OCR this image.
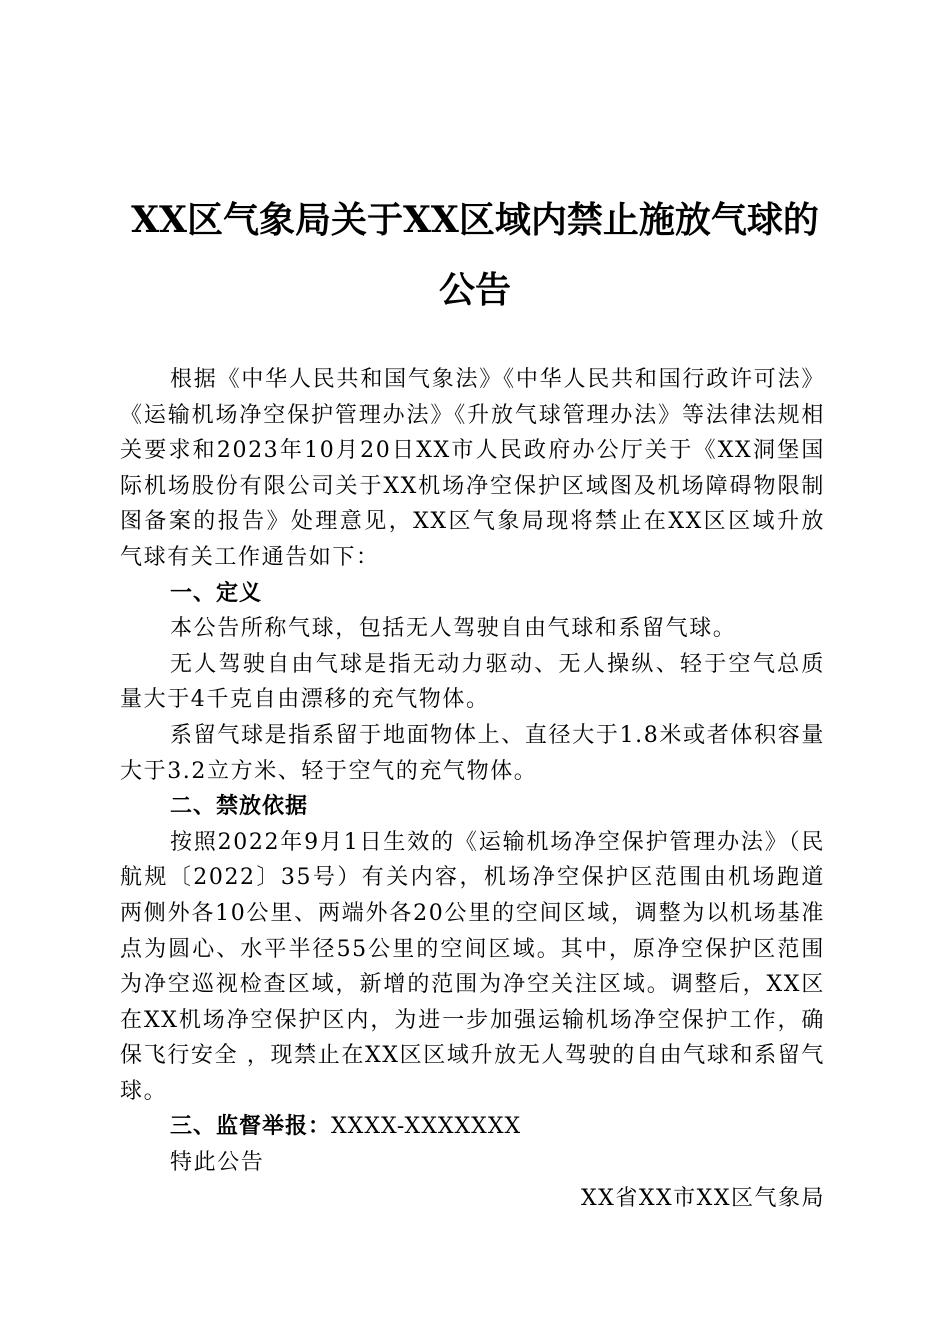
XX区气象局关于XX区域内禁止施放气球的
公告

根据《中华人民共和国气象法》《中华人民共和国行政许可法》《运输机场净空保护管理办法》《升放气球管理办法》等法律法规相关要求和2023年10月20日XX市人民政府办公厅关于《XX洞堡国际机场股份有限公司关于XX机场净空保护区域图及机场障碍物限制图备案的报告》处理意见，XX区气象局现将禁止在XX区区域升放气球有关工作通告如下：

一、定义

本公告所称气球，包括无人驾驶自由气球和系留气球。

无人驾驶自由气球是指无动力驱动、无人操纵、轻于空气总质量大于4千克自由漂移的充气物体。

系留气球是指系留于地面物体上、直径大于1.8米或者体积容量大于3.2立方米、轻于空气的充气物体。

二、禁放依据

按照2022年9月1日生效的《运输机场净空保护管理办法》（民航规〔2022〕35号）有关内容，机场净空保护区范围由机场跑道两侧外各10公里、两端外各20公里的空间区域，调整为以机场基准点为圆心、水平半径55公里的空间区域。其中，原净空保护区范围为净空巡视检查区域，新增的范围为净空关注区域。调整后，XX区在XX机场净空保护区内，为进一步加强运输机场净空保护工作，确保飞行安全 ，现禁止在XX区区域升放无人驾驶的自由气球和系留气球。

三、监督举报：XXXX-XXXXXXX

特此公告

XX省XX市XX区气象局
